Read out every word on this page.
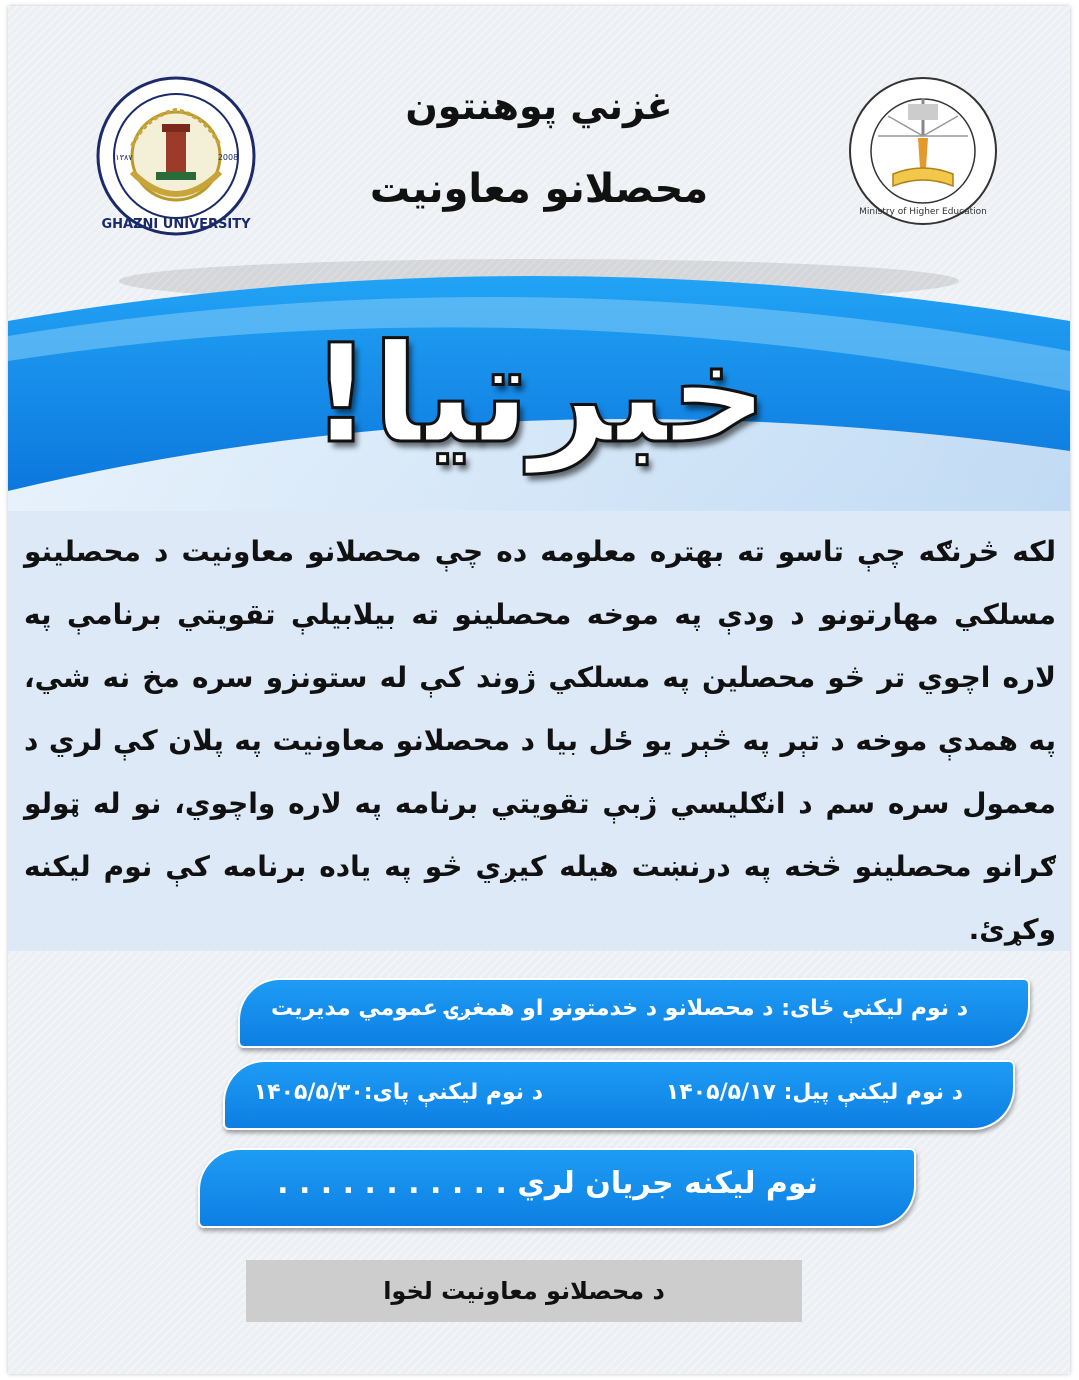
GHAZNI UNIVERSITY
۱۳۸۷	2008
Ministry of Higher Education
غزني پوهنتون
محصلانو معاونیت
خبرتیا!
لکه څرنګه چې تاسو ته بهتره معلومه ده چې محصلانو معاونیت د محصلینو مسلکي مهارتونو د ودې په موخه محصلینو ته بیلابیلې تقویتي برنامې په لاره اچوي تر څو محصلین په مسلکي ژوند کې له ستونزو سره مخ نه شي، په همدې موخه د تېر په څېر یو ځل بیا د محصلانو معاونیت په پلان کې لري د معمول سره سم د انګلیسي ژبې تقویتي برنامه په لاره واچوي، نو له ټولو ګرانو محصلینو څخه په درنښت هیله کیږي څو په یاده برنامه کې نوم لیکنه وکړئ.
د نوم لیکنې ځای: د محصلانو د خدمتونو او همغږۍ عمومي مدیریت
د نوم لیکنې پیل: ۱۴۰۵/۵/۱۷
د نوم لیکنې پای:۱۴۰۵/۵/۳۰
نوم لیکنه جریان لري . . . . . . . . . . .
د محصلانو معاونیت لخوا
